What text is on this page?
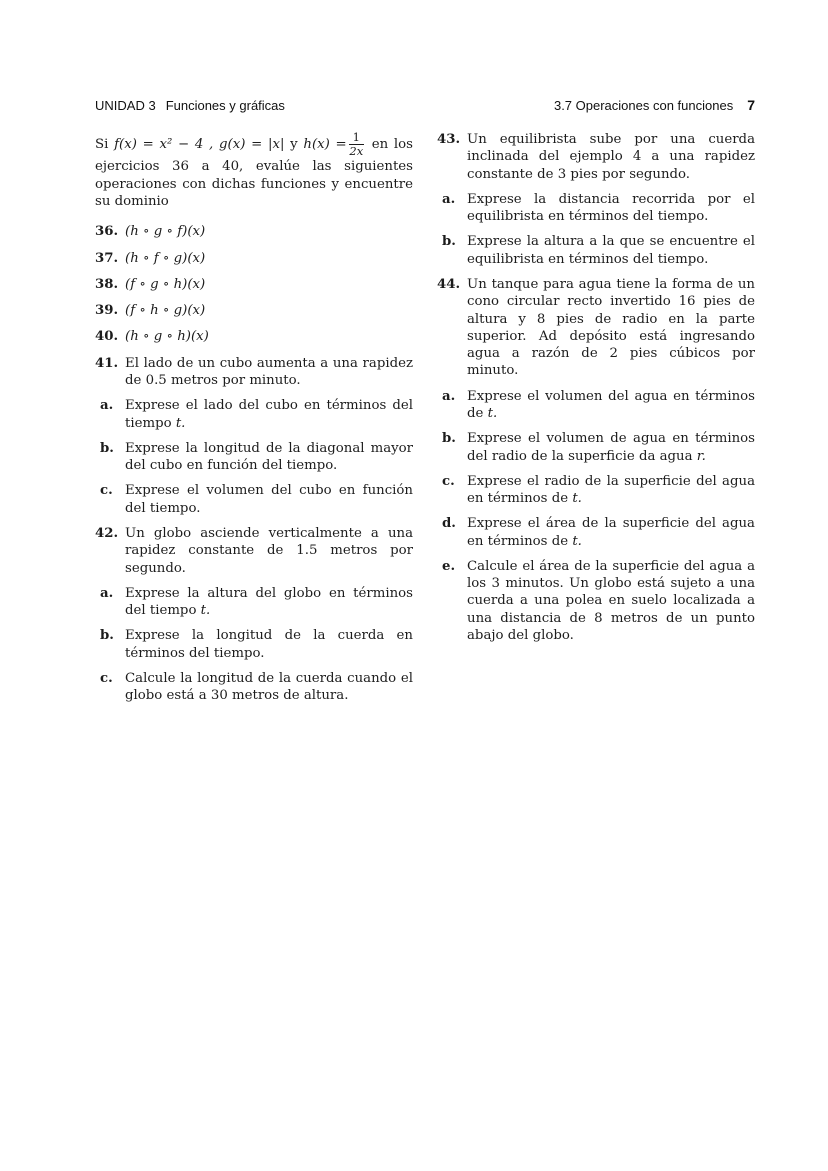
UNIDAD 3 Funciones y gráficas	3.7 Operaciones con funciones 7

Si f(x) = x² − 4 , g(x) = |x| y $h(x) = \frac{1}{2x}$ en los ejercicios 36 a 40, evalúe las siguientes operaciones con dichas funciones y encuentre su dominio

36. (h ∘ g ∘ f)(x)
37. (h ∘ f ∘ g)(x)
38. (f ∘ g ∘ h)(x)
39. (f ∘ h ∘ g)(x)
40. (h ∘ g ∘ h)(x)
41. El lado de un cubo aumenta a una rapidez de 0.5 metros por minuto.
a. Exprese el lado del cubo en términos del tiempo t.
b. Exprese la longitud de la diagonal mayor del cubo en función del tiempo.
c. Exprese el volumen del cubo en función del tiempo.
42. Un globo asciende verticalmente a una rapidez constante de 1.5 metros por segundo.
a. Exprese la altura del globo en términos del tiempo t.
b. Exprese la longitud de la cuerda en términos del tiempo.
c. Calcule la longitud de la cuerda cuando el globo está a 30 metros de altura.
43. Un equilibrista sube por una cuerda inclinada del ejemplo 4 a una rapidez constante de 3 pies por segundo.
a. Exprese la distancia recorrida por el equilibrista en términos del tiempo.
b. Exprese la altura a la que se encuentre el equilibrista en términos del tiempo.
44. Un tanque para agua tiene la forma de un cono circular recto invertido 16 pies de altura y 8 pies de radio en la parte superior. Ad depósito está ingresando agua a razón de 2 pies cúbicos por minuto.
a. Exprese el volumen del agua en términos de t.
b. Exprese el volumen de agua en términos del radio de la superficie da agua r.
c. Exprese el radio de la superficie del agua en términos de t.
d. Exprese el área de la superficie del agua en términos de t.
e. Calcule el área de la superficie del agua a los 3 minutos. Un globo está sujeto a una cuerda a una polea en suelo localizada a una distancia de 8 metros de un punto abajo del globo.
